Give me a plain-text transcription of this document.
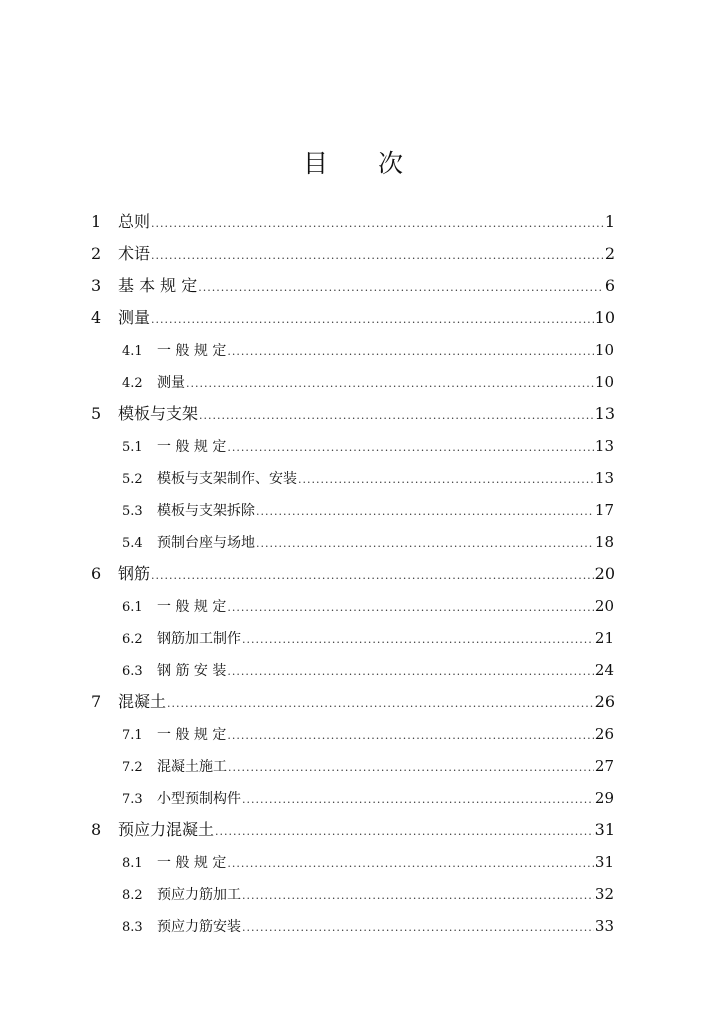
目 次
1	总则 .....	1
2	术语 .....	2
3	基 本 规 定 .....	6
4	测量 .....	10
4.1	一 般 规 定 .....	10
4.2	测量 .....	10
5	模板与支架 .....	13
5.1	一 般 规 定 .....	13
5.2	模板与支架制作、安装 .....	13
5.3	模板与支架拆除 .....	17
5.4	预制台座与场地 .....	18
6	钢筋 .....	20
6.1	一 般 规 定 .....	20
6.2	钢筋加工制作 .....	21
6.3	钢 筋 安 装 .....	24
7	混凝土 .....	26
7.1	一 般 规 定 .....	26
7.2	混凝土施工 .....	27
7.3	小型预制构件 .....	29
8	预应力混凝土 .....	31
8.1	一 般 规 定 .....	31
8.2	预应力筋加工 .....	32
8.3	预应力筋安装 .....	33
